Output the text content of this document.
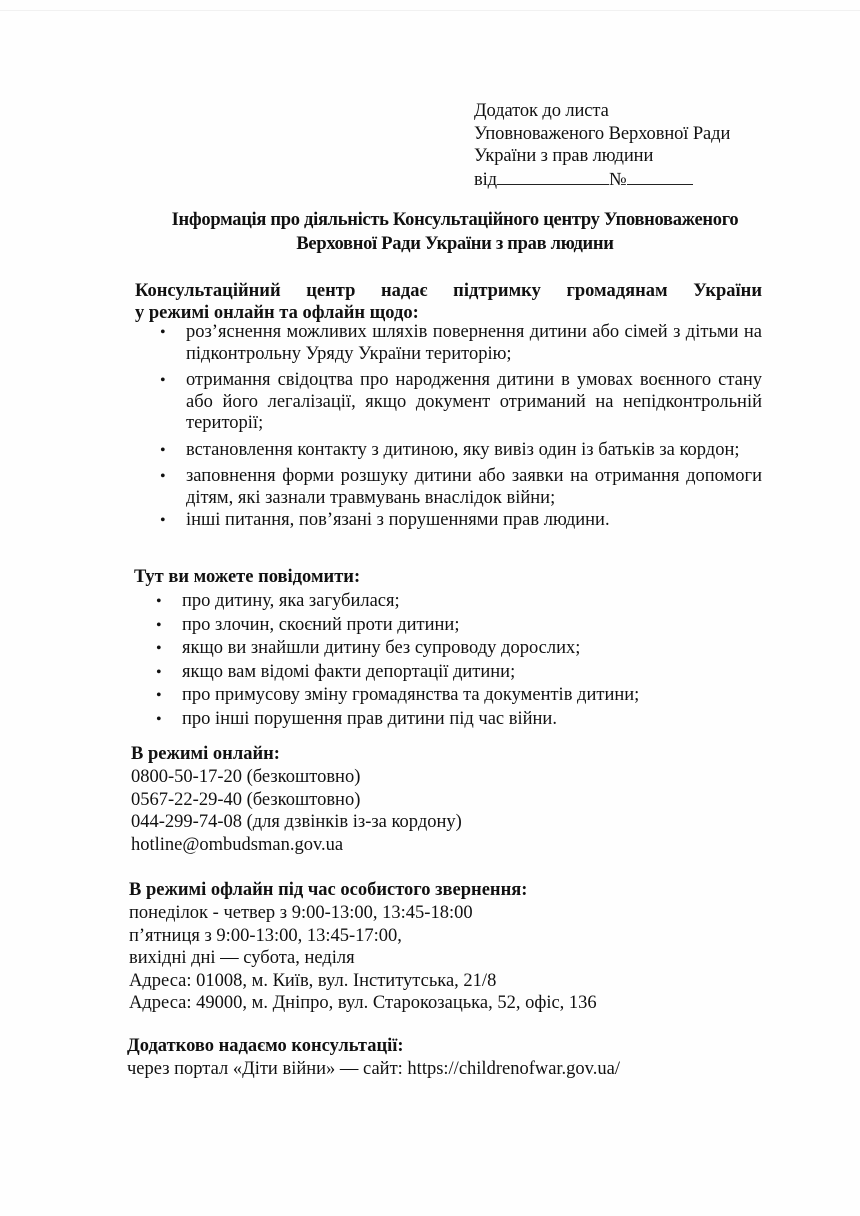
Додаток до листа
Уповноваженого Верховної Ради
України з прав людини
від	№
Інформація про діяльність Консультаційного центру Уповноваженого
Верховної Ради України з прав людини
Консультаційний центр надає підтримку громадянам України
у режимі онлайн та офлайн щодо:
• роз’яснення можливих шляхів повернення дитини або сімей з дітьми на підконтрольну Уряду України територію;
• отримання свідоцтва про народження дитини в умовах воєнного стану або його легалізації, якщо документ отриманий на непідконтрольній території;
• встановлення контакту з дитиною, яку вивіз один із батьків за кордон;
• заповнення форми розшуку дитини або заявки на отримання допомоги дітям, які зазнали травмувань внаслідок війни;
• інші питання, пов’язані з порушеннями прав людини.
Тут ви можете повідомити:
• про дитину, яка загубилася;
• про злочин, скоєний проти дитини;
• якщо ви знайшли дитину без супроводу дорослих;
• якщо вам відомі факти депортації дитини;
• про примусову зміну громадянства та документів дитини;
• про інші порушення прав дитини під час війни.
В режимі онлайн:
0800-50-17-20 (безкоштовно)
0567-22-29-40 (безкоштовно)
044-299-74-08 (для дзвінків із-за кордону)
hotline@ombudsman.gov.ua
В режимі офлайн під час особистого звернення:
понеділок - четвер з 9:00-13:00, 13:45-18:00
п’ятниця з 9:00-13:00, 13:45-17:00,
вихідні дні — субота, неділя
Адреса: 01008, м. Київ, вул. Інститутська, 21/8
Адреса: 49000, м. Дніпро, вул. Старокозацька, 52, офіс, 136
Додатково надаємо консультації:
через портал «Діти війни» — сайт: https://childrenofwar.gov.ua/
